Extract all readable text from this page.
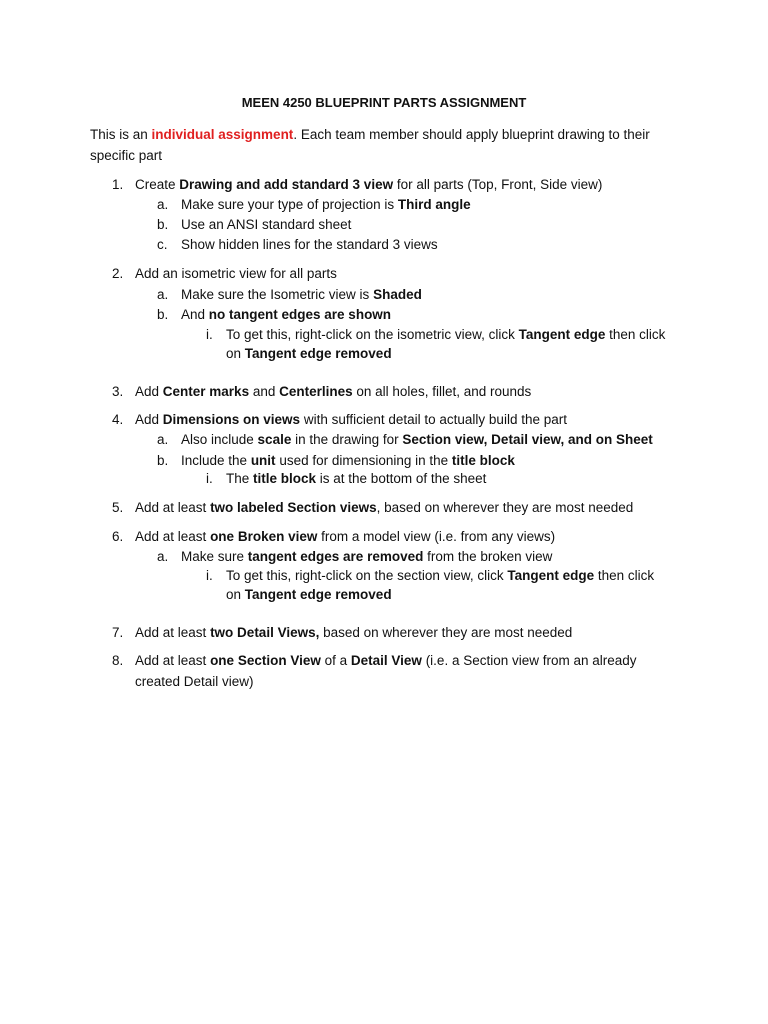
MEEN 4250 BLUEPRINT PARTS ASSIGNMENT
This is an individual assignment. Each team member should apply blueprint drawing to their specific part
1. Create Drawing and add standard 3 view for all parts (Top, Front, Side view)
a. Make sure your type of projection is Third angle
b. Use an ANSI standard sheet
c. Show hidden lines for the standard 3 views
2. Add an isometric view for all parts
a. Make sure the Isometric view is Shaded
b. And no tangent edges are shown
i. To get this, right-click on the isometric view, click Tangent edge then click
on Tangent edge removed
3. Add Center marks and Centerlines on all holes, fillet, and rounds
4. Add Dimensions on views with sufficient detail to actually build the part
a. Also include scale in the drawing for Section view, Detail view, and on Sheet
b. Include the unit used for dimensioning in the title block
i. The title block is at the bottom of the sheet
5. Add at least two labeled Section views, based on wherever they are most needed
6. Add at least one Broken view from a model view (i.e. from any views)
a. Make sure tangent edges are removed from the broken view
i. To get this, right-click on the section view, click Tangent edge then click
on Tangent edge removed
7. Add at least two Detail Views, based on wherever they are most needed
8. Add at least one Section View of a Detail View (i.e. a Section view from an already
created Detail view)
